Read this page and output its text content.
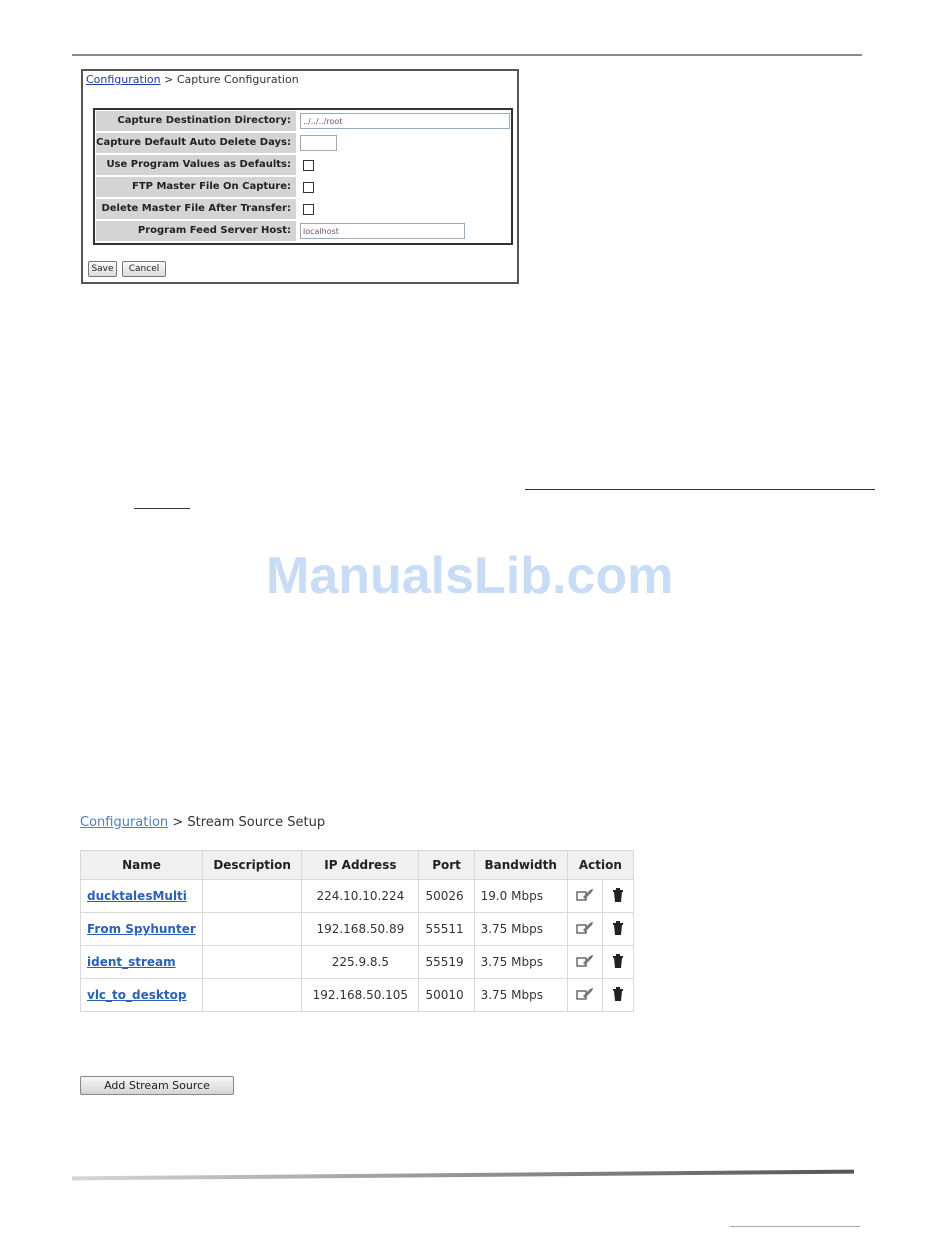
Configuration > Capture Configuration
Capture Destination Directory:	../../../root
Capture Default Auto Delete Days:
Use Program Values as Defaults:
FTP Master File On Capture:
Delete Master File After Transfer:
Program Feed Server Host:	localhost
Save	Cancel
ManualsLib.com
Configuration > Stream Source Setup
Name	Description	IP Address	Port	Bandwidth	Action	
ducktalesMulti		224.10.10.224	50026	19.0 Mbps		
From Spyhunter		192.168.50.89	55511	3.75 Mbps		
ident_stream		225.9.8.5	55519	3.75 Mbps		
vlc_to_desktop		192.168.50.105	50010	3.75 Mbps		
Add Stream Source
